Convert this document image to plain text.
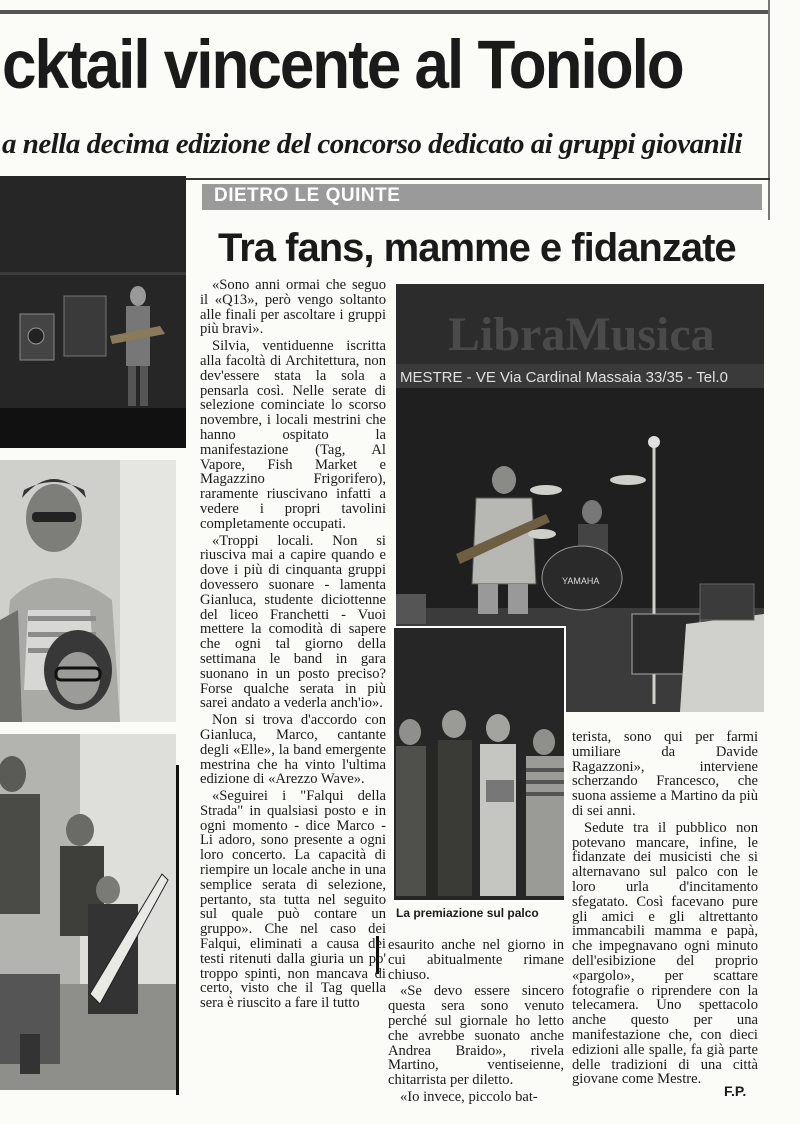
cktail vincente al Toniolo
a nella decima edizione del concorso dedicato ai gruppi giovanili
DIETRO LE QUINTE
Tra fans, mamme e fidanzate
LibraMusica
MESTRE - VE Via Cardinal Massaia 33/35 - Tel.0
YAMAHA
La premiazione sul palco

«Sono anni ormai che seguo il «Q13», però vengo soltanto alle finali per ascoltare i gruppi più bravi».

Silvia, ventiduenne iscritta alla facoltà di Architettura, non dev'essere stata la sola a pensarla così. Nelle serate di selezione cominciate lo scorso novembre, i locali mestrini che hanno ospitato la manifestazione (Tag, Al Vapore, Fish Market e Magazzino Frigorifero), raramente riuscivano infatti a vedere i propri tavolini completamente occupati.

«Troppi locali. Non si riusciva mai a capire quando e dove i più di cinquanta gruppi dovessero suonare - lamenta Gianluca, studente diciottenne del liceo Franchetti - Vuoi mettere la comodità di sapere che ogni tal giorno della settimana le band in gara suonano in un posto preciso? Forse qualche serata in più sarei andato a vederla anch'io».

Non si trova d'accordo con Gianluca, Marco, cantante degli «Elle», la band emergente mestrina che ha vinto l'ultima edizione di «Arezzo Wave».

«Seguirei i "Falqui della Strada" in qualsiasi posto e in ogni momento - dice Marco - Li adoro, sono presente a ogni loro concerto. La capacità di riempire un locale anche in una semplice serata di selezione, pertanto, sta tutta nel seguito sul quale può contare un gruppo». Che nel caso dei Falqui, eliminati a causa dei testi ritenuti dalla giuria un po' troppo spinti, non mancava di certo, visto che il Tag quella sera è riuscito a fare il tutto

esaurito anche nel giorno in cui abitualmente rimane chiuso.

«Se devo essere sincero questa sera sono venuto perché sul giornale ho letto che avrebbe suonato anche Andrea Braido», rivela Martino, ventiseienne, chitarrista per diletto.

«Io invece, piccolo bat-

terista, sono qui per farmi umiliare da Davide Ragazzoni», interviene scherzando Francesco, che suona assieme a Martino da più di sei anni.

Sedute tra il pubblico non potevano mancare, infine, le fidanzate dei musicisti che si alternavano sul palco con le loro urla d'incitamento sfegatato. Così facevano pure gli amici e gli altrettanto immancabili mamma e papà, che impegnavano ogni minuto dell'esibizione del proprio «pargolo», per scattare fotografie o riprendere con la telecamera. Uno spettacolo anche questo per una manifestazione che, con dieci edizioni alle spalle, fa già parte delle tradizioni di una città giovane come Mestre.

F.P.
